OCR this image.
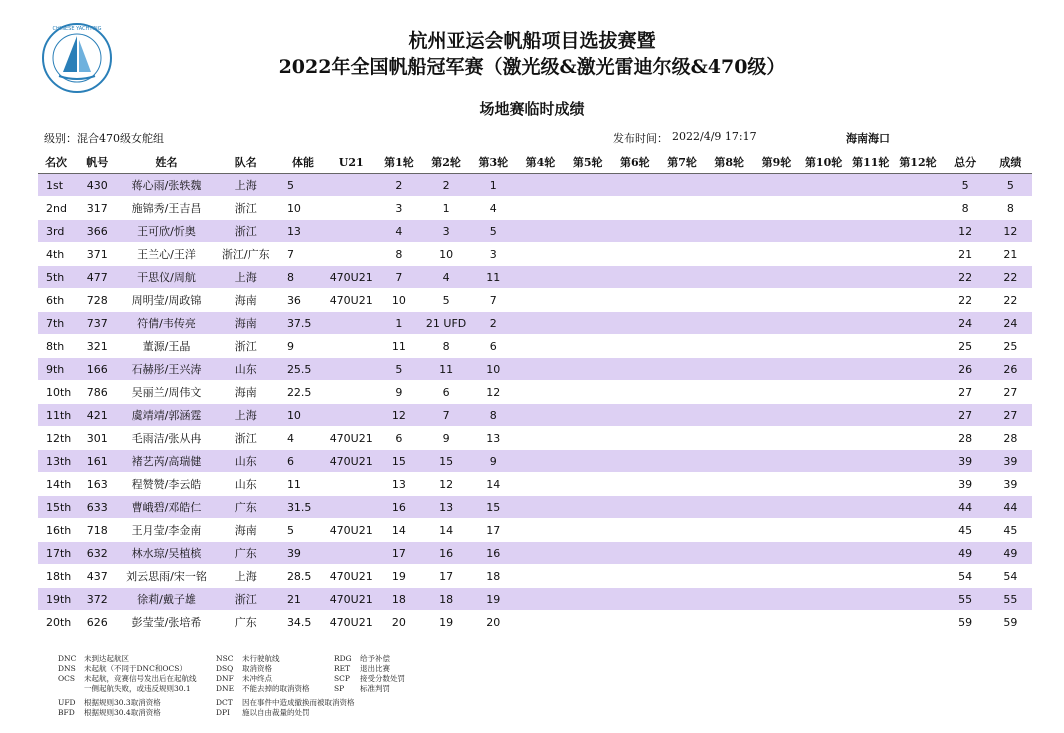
CHINESE YACHTING
杭州亚运会帆船项目选拔赛暨
2022年全国帆船冠军赛（激光级&激光雷迪尔级&470级）
场地赛临时成绩
级别：混合470级女舵组	发布时间： 2022/4/9 17:17	海南海口
名次	帆号	姓名	队名	体能	U21	第1轮	第2轮	第3轮	第4轮	第5轮	第6轮	第7轮	第8轮	第9轮	第10轮	第11轮	第12轮	总分	成绩
1st	430	蒋心雨/张轶魏	上海	5		2	2	1										5	5
2nd	317	施锦秀/王吉昌	浙江	10		3	1	4										8	8
3rd	366	王可欣/忻奥	浙江	13		4	3	5										12	12
4th	371	王兰心/王洋	浙江/广东	7		8	10	3										21	21
5th	477	干思仪/周航	上海	8	470U21	7	4	11										22	22
6th	728	周明莹/周政锦	海南	36	470U21	10	5	7										22	22
7th	737	符倩/韦传亮	海南	37.5		1	21 UFD	2										24	24
8th	321	董源/王晶	浙江	9		11	8	6										25	25
9th	166	石赫彤/王兴涛	山东	25.5		5	11	10										26	26
10th	786	吴丽兰/周伟文	海南	22.5		9	6	12										27	27
11th	421	虞靖靖/郭涵霆	上海	10		12	7	8										27	27
12th	301	毛雨洁/张从冉	浙江	4	470U21	6	9	13										28	28
13th	161	褚艺芮/高瑞健	山东	6	470U21	15	15	9										39	39
14th	163	程赞赞/李云皓	山东	11		13	12	14										39	39
15th	633	曹峨碧/邓皓仁	广东	31.5		16	13	15										44	44
16th	718	王月莹/李金南	海南	5	470U21	14	14	17										45	45
17th	632	林水琼/吴植槟	广东	39		17	16	16										49	49
18th	437	刘云思雨/宋一铭	上海	28.5	470U21	19	17	18										54	54
19th	372	徐莉/戴子雄	浙江	21	470U21	18	18	19										55	55
20th	626	彭莹莹/张培希	广东	34.5	470U21	20	19	20										59	59
DNC 未到达起航区
DNS 未起航（不同于DNC和OCS）
OCS 未起航，竞赛信号发出后在起航线
一侧起航失败，或违反规则30.1
UFD 根据规则30.3取消资格
BFD 根据规则30.4取消资格
NSC 未行驶航线
DSQ 取消资格
DNF 未冲终点
DNE 不能去掉的取消资格
DCT 因在事件中造成撤换而被取消资格
DPI 施以自由裁量的处罚
RDG 给予补偿
RET 退出比赛
SCP 接受分数处罚
SP 标准判罚
